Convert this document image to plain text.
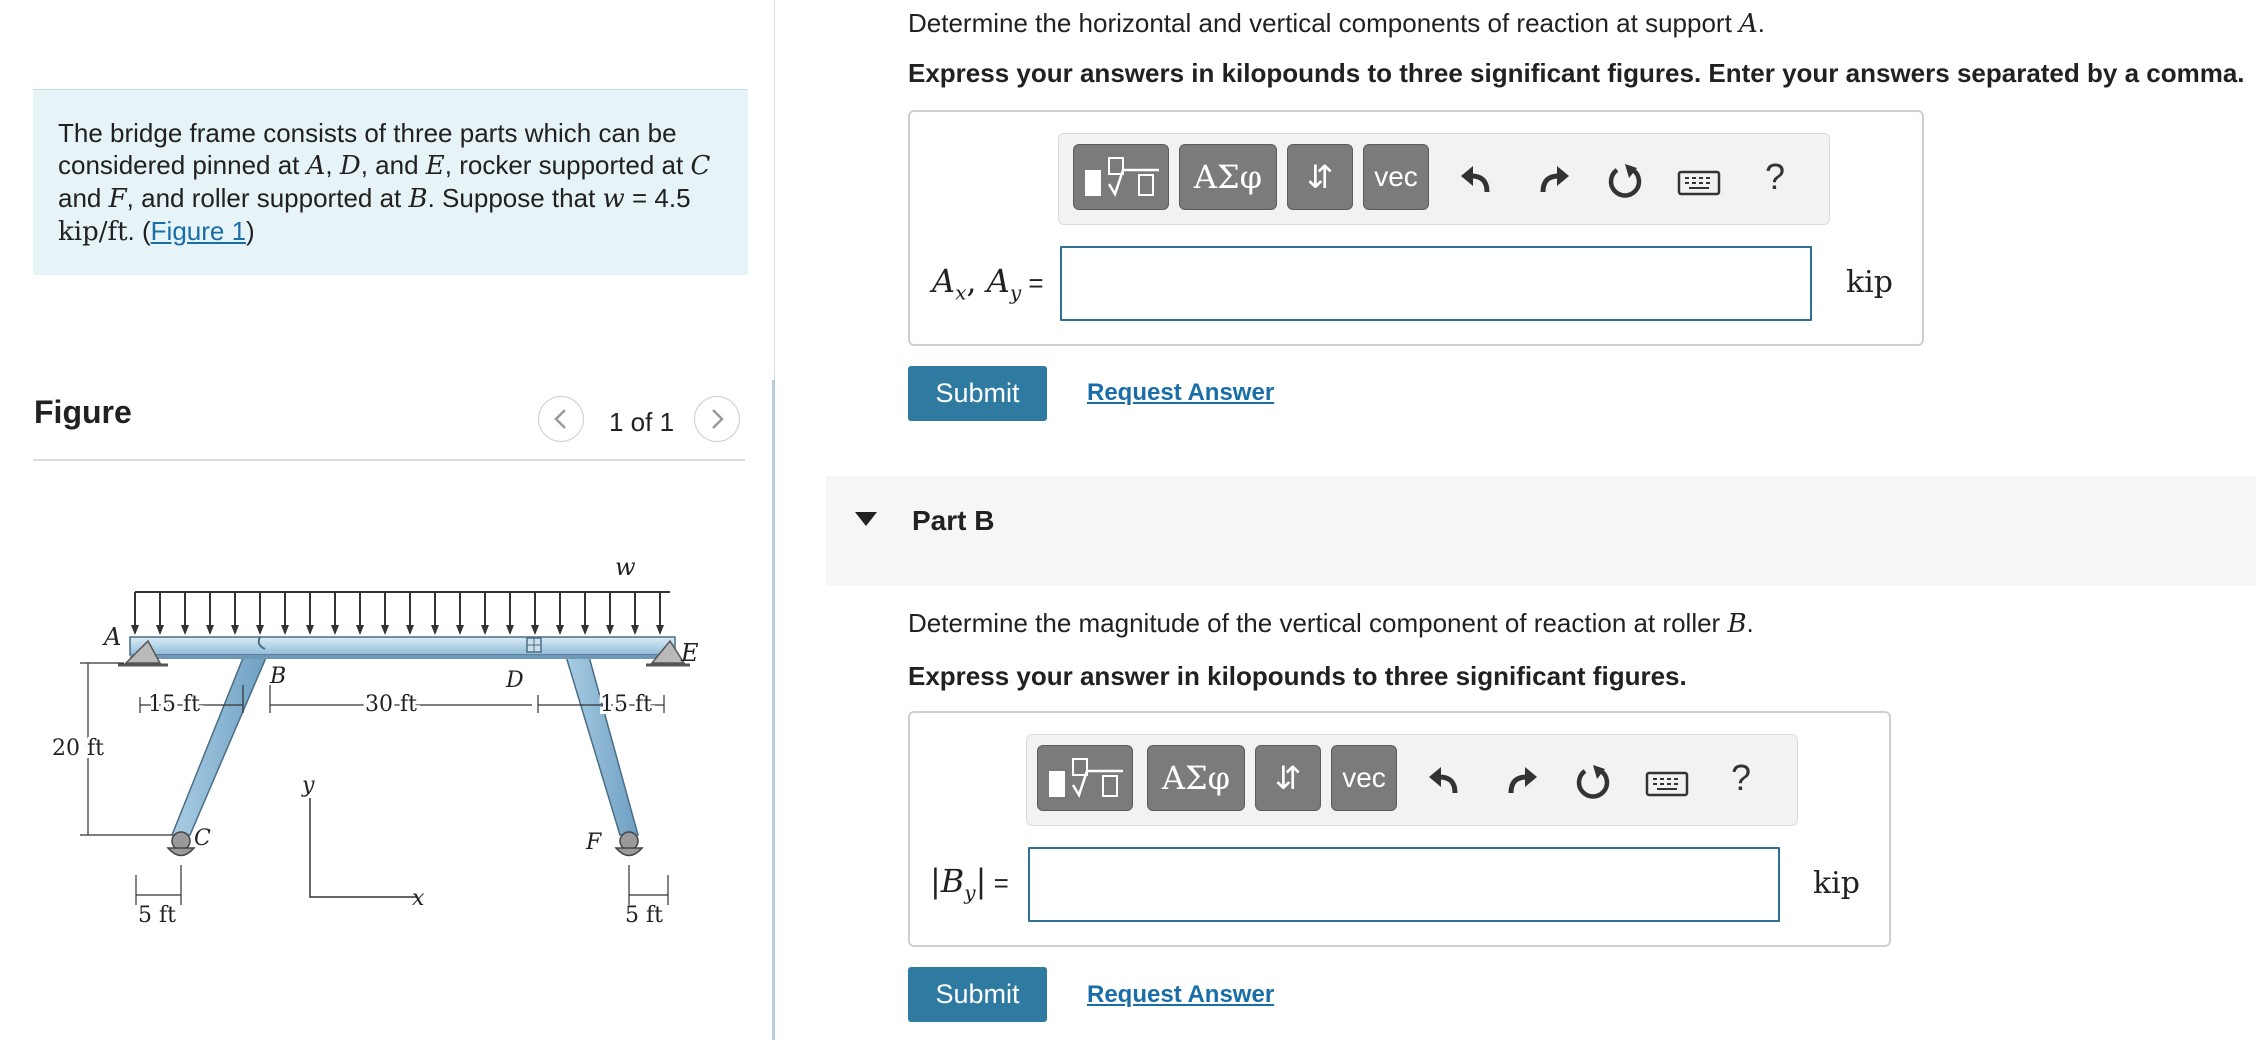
The bridge frame consists of three parts which can be considered pinned at A, D, and E, rocker supported at C and F, and roller supported at B. Suppose that w = 4.5 kip/ft. (Figure 1)
Figure	1 of 1
w
A
B
C
D
E
F
15 ft	30 ft	15 ft
20 ft
5 ft	5 ft
y
x
Determine the horizontal and vertical components of reaction at support A.
Express your answers in kilopounds to three significant figures. Enter your answers separated by a comma.
ΑΣφ	⇵	vec	?
$A_x$, $A_y$ =	kip
Submit	Request Answer
Part B
Determine the magnitude of the vertical component of reaction at roller B.
Express your answer in kilopounds to three significant figures.
ΑΣφ	⇵	vec	?
$|B_y|$ =	kip
Submit	Request Answer
